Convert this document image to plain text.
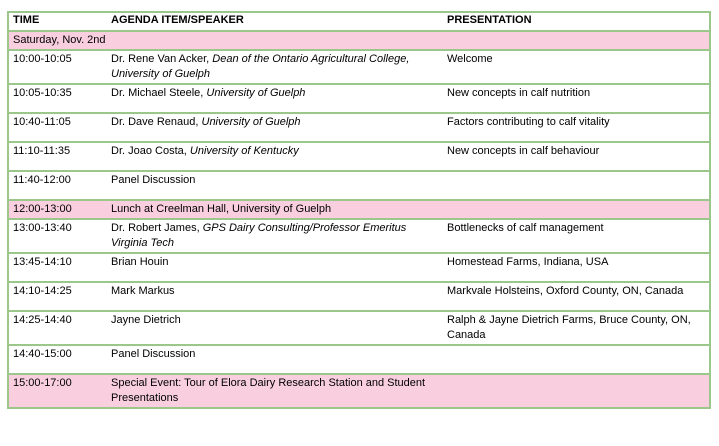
TIME	AGENDA ITEM/SPEAKER	PRESENTATION
Saturday, Nov. 2nd		
10:00-10:05	Dr. Rene Van Acker, Dean of the Ontario Agricultural College, University of Guelph	Welcome
10:05-10:35	Dr. Michael Steele, University of Guelph	New concepts in calf nutrition
10:40-11:05	Dr. Dave Renaud, University of Guelph	Factors contributing to calf vitality
11:10-11:35	Dr. Joao Costa, University of Kentucky	New concepts in calf behaviour
11:40-12:00	Panel Discussion	
12:00-13:00	Lunch at Creelman Hall, University of Guelph	
13:00-13:40	Dr. Robert James, GPS Dairy Consulting/Professor Emeritus Virginia Tech	Bottlenecks of calf management
13:45-14:10	Brian Houin	Homestead Farms, Indiana, USA
14:10-14:25	Mark Markus	Markvale Holsteins, Oxford County, ON, Canada
14:25-14:40	Jayne Dietrich	Ralph & Jayne Dietrich Farms, Bruce County, ON, Canada
14:40-15:00	Panel Discussion	
15:00-17:00	Special Event: Tour of Elora Dairy Research Station and Student Presentations	
